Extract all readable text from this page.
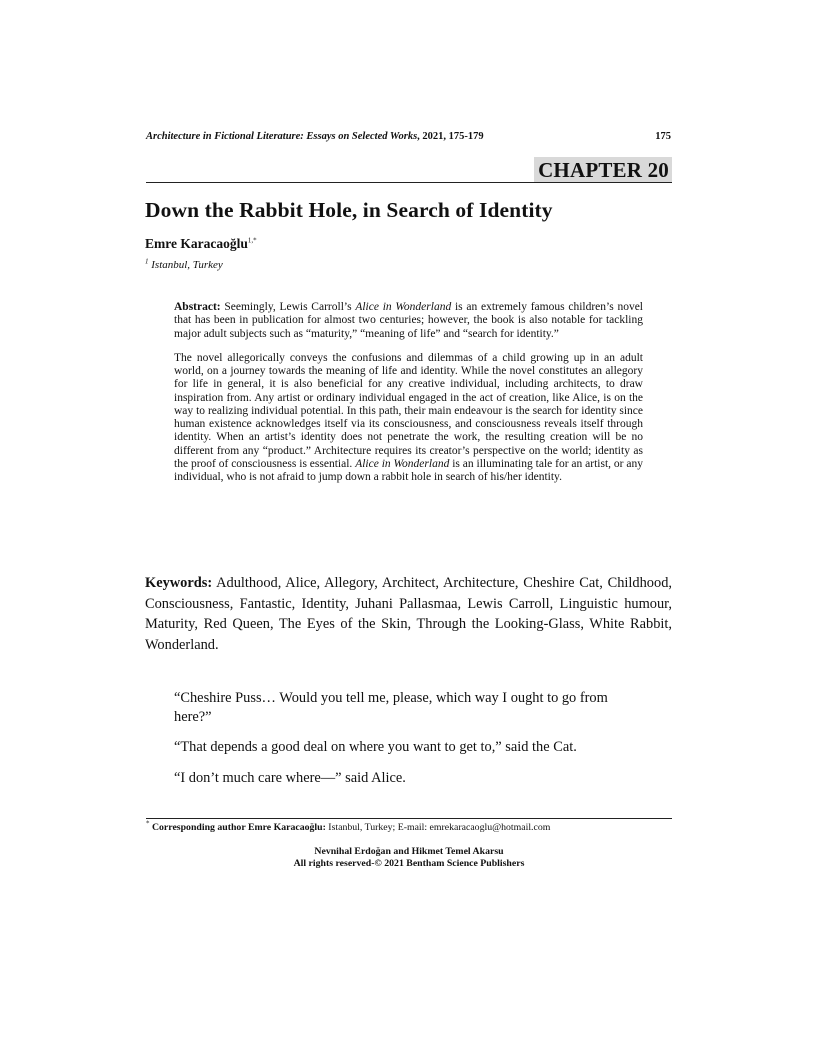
Architecture in Fictional Literature: Essays on Selected Works, 2021, 175-179	175
CHAPTER 20
Down the Rabbit Hole, in Search of Identity
Emre Karacaoğlu$^{1,*}$
$^1$ Istanbul, Turkey

Abstract: Seemingly, Lewis Carroll’s Alice in Wonderland is an extremely famous children’s novel that has been in publication for almost two centuries; however, the book is also notable for tackling major adult subjects such as “maturity,” “meaning of life” and “search for identity.”

The novel allegorically conveys the confusions and dilemmas of a child growing up in an adult world, on a journey towards the meaning of life and identity. While the novel constitutes an allegory for life in general, it is also beneficial for any creative individual, including architects, to draw inspiration from. Any artist or ordinary individual engaged in the act of creation, like Alice, is on the way to realizing individual potential. In this path, their main endeavour is the search for identity since human existence acknowledges itself via its consciousness, and consciousness reveals itself through identity. When an artist’s identity does not penetrate the work, the resulting creation will be no different from any “product.” Architecture requires its creator’s perspective on the world; identity as the proof of consciousness is essential. Alice in Wonderland is an illuminating tale for an artist, or any individual, who is not afraid to jump down a rabbit hole in search of his/her identity.

Keywords: Adulthood, Alice, Allegory, Architect, Architecture, Cheshire Cat, Childhood, Consciousness, Fantastic, Identity, Juhani Pallasmaa, Lewis Carroll, Linguistic humour, Maturity, Red Queen, The Eyes of the Skin, Through the Looking-Glass, White Rabbit, Wonderland.

“Cheshire Puss… Would you tell me, please, which way I ought to go from here?”

“That depends a good deal on where you want to get to,” said the Cat.

“I don’t much care where—” said Alice.

* Corresponding author Emre Karacaoğlu: Istanbul, Turkey; E-mail: emrekaracaoglu@hotmail.com
Nevnihal Erdoğan and Hikmet Temel Akarsu
All rights reserved-© 2021 Bentham Science Publishers
